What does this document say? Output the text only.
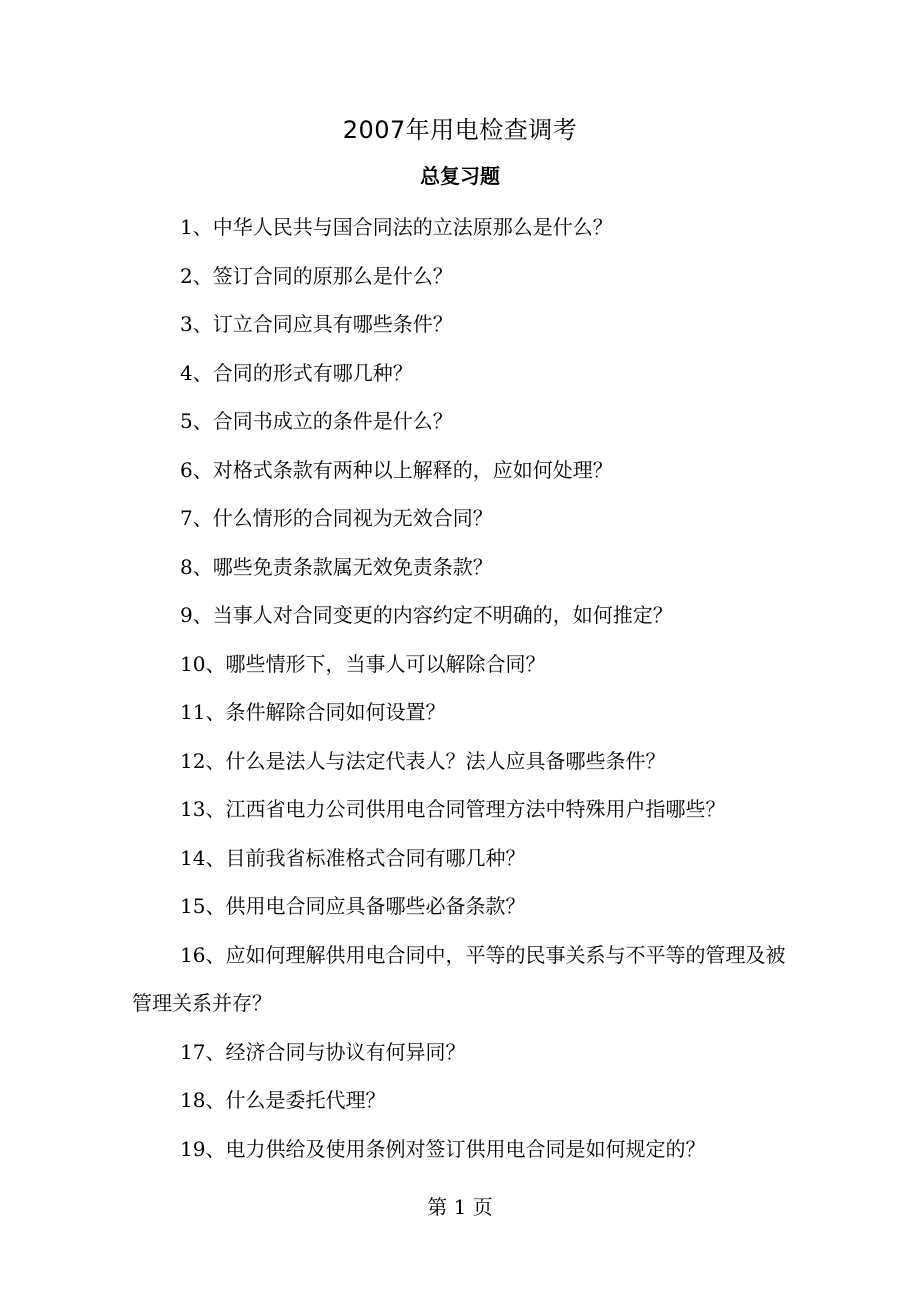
2007年用电检查调考
总复习题
1、中华人民共与国合同法的立法原那么是什么？
2、签订合同的原那么是什么？
3、订立合同应具有哪些条件？
4、合同的形式有哪几种？
5、合同书成立的条件是什么？
6、对格式条款有两种以上解释的，应如何处理？
7、什么情形的合同视为无效合同？
8、哪些免责条款属无效免责条款？
9、当事人对合同变更的内容约定不明确的，如何推定？
10、哪些情形下，当事人可以解除合同？
11、条件解除合同如何设置？
12、什么是法人与法定代表人？法人应具备哪些条件？
13、江西省电力公司供用电合同管理方法中特殊用户指哪些？
14、目前我省标准格式合同有哪几种？
15、供用电合同应具备哪些必备条款？
16、应如何理解供用电合同中，平等的民事关系与不平等的管理及被管理关系并存？
17、经济合同与协议有何异同？
18、什么是委托代理？
19、电力供给及使用条例对签订供用电合同是如何规定的？
第 1 页
